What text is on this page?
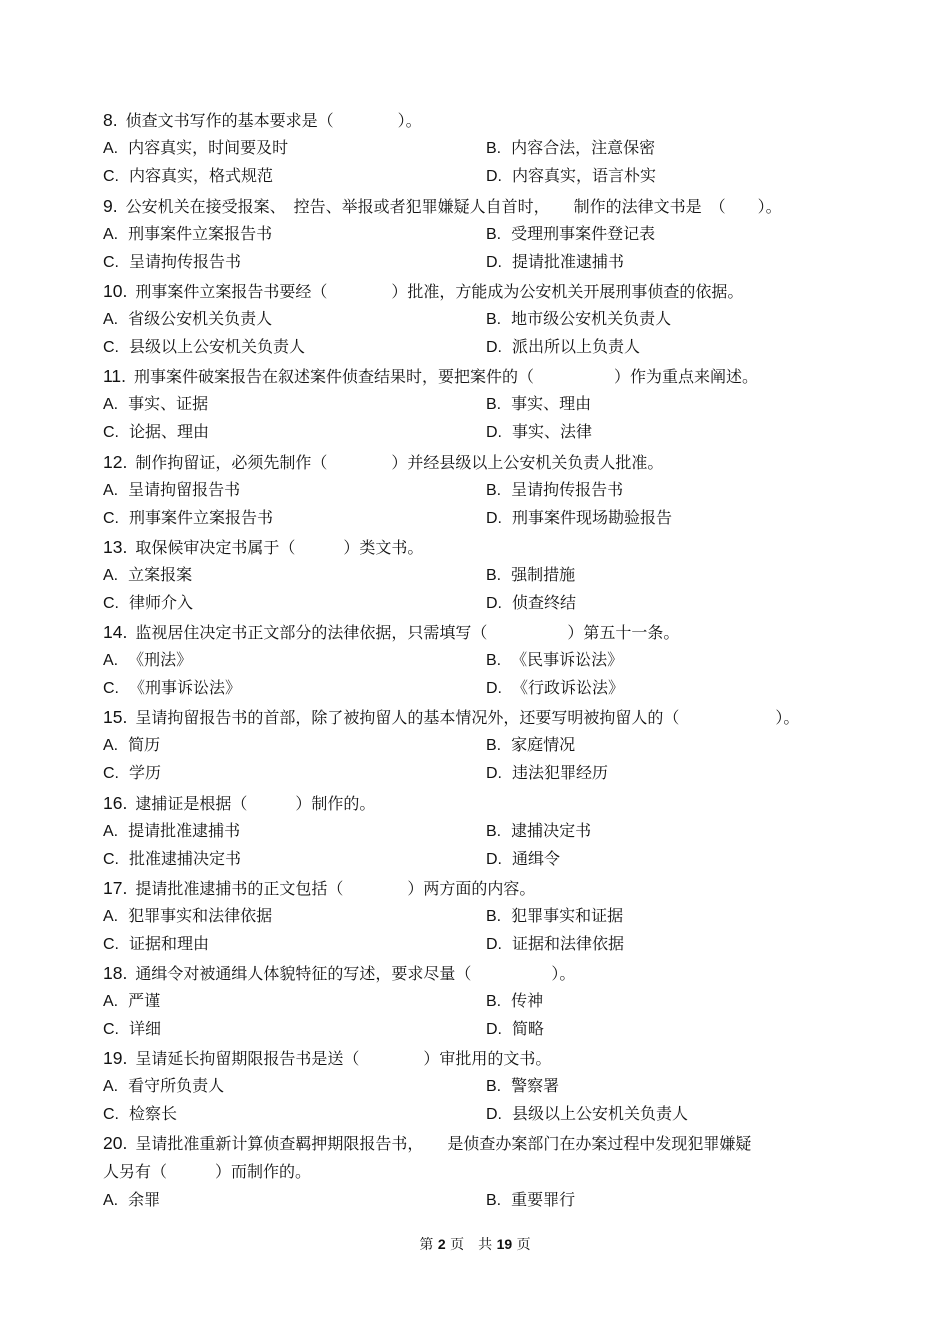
8. 侦查文书写作的基本要求是（　　　　）。
A. 内容真实，时间要及时	B. 内容合法，注意保密
C. 内容真实，格式规范	D. 内容真实，语言朴实
9. 公安机关在接受报案、　控告、举报或者犯罪嫌疑人自首时，　　制作的法律文书是　（　　）。
A. 刑事案件立案报告书	B. 受理刑事案件登记表
C. 呈请拘传报告书	D. 提请批准逮捕书
10. 刑事案件立案报告书要经（　　　　）批准，方能成为公安机关开展刑事侦查的依据。
A. 省级公安机关负责人	B. 地市级公安机关负责人
C. 县级以上公安机关负责人	D. 派出所以上负责人
11. 刑事案件破案报告在叙述案件侦查结果时，要把案件的（　　　　　）作为重点来阐述。
A. 事实、证据	B. 事实、理由
C. 论据、理由	D. 事实、法律
12. 制作拘留证，必须先制作（　　　　）并经县级以上公安机关负责人批准。
A. 呈请拘留报告书	B. 呈请拘传报告书
C. 刑事案件立案报告书	D. 刑事案件现场勘验报告
13. 取保候审决定书属于（　　　）类文书。
A. 立案报案	B. 强制措施
C. 律师介入	D. 侦查终结
14. 监视居住决定书正文部分的法律依据，只需填写（　　　　　）第五十一条。
A. 《刑法》	B. 《民事诉讼法》
C. 《刑事诉讼法》	D. 《行政诉讼法》
15. 呈请拘留报告书的首部，除了被拘留人的基本情况外，还要写明被拘留人的（　　　　　　）。
A. 简历	B. 家庭情况
C. 学历	D. 违法犯罪经历
16. 逮捕证是根据（　　　）制作的。
A. 提请批准逮捕书	B. 逮捕决定书
C. 批准逮捕决定书	D. 通缉令
17. 提请批准逮捕书的正文包括（　　　　）两方面的内容。
A. 犯罪事实和法律依据	B. 犯罪事实和证据
C. 证据和理由	D. 证据和法律依据
18. 通缉令对被通缉人体貌特征的写述，要求尽量（　　　　　）。
A. 严谨	B. 传神
C. 详细	D. 简略
19. 呈请延长拘留期限报告书是送（　　　　）审批用的文书。
A. 看守所负责人	B. 警察署
C. 检察长	D. 县级以上公安机关负责人
20. 呈请批准重新计算侦查羁押期限报告书，　　是侦查办案部门在办案过程中发现犯罪嫌疑
人另有（　　　）而制作的。
A. 余罪	B. 重要罪行
第 2 页　共 19 页
